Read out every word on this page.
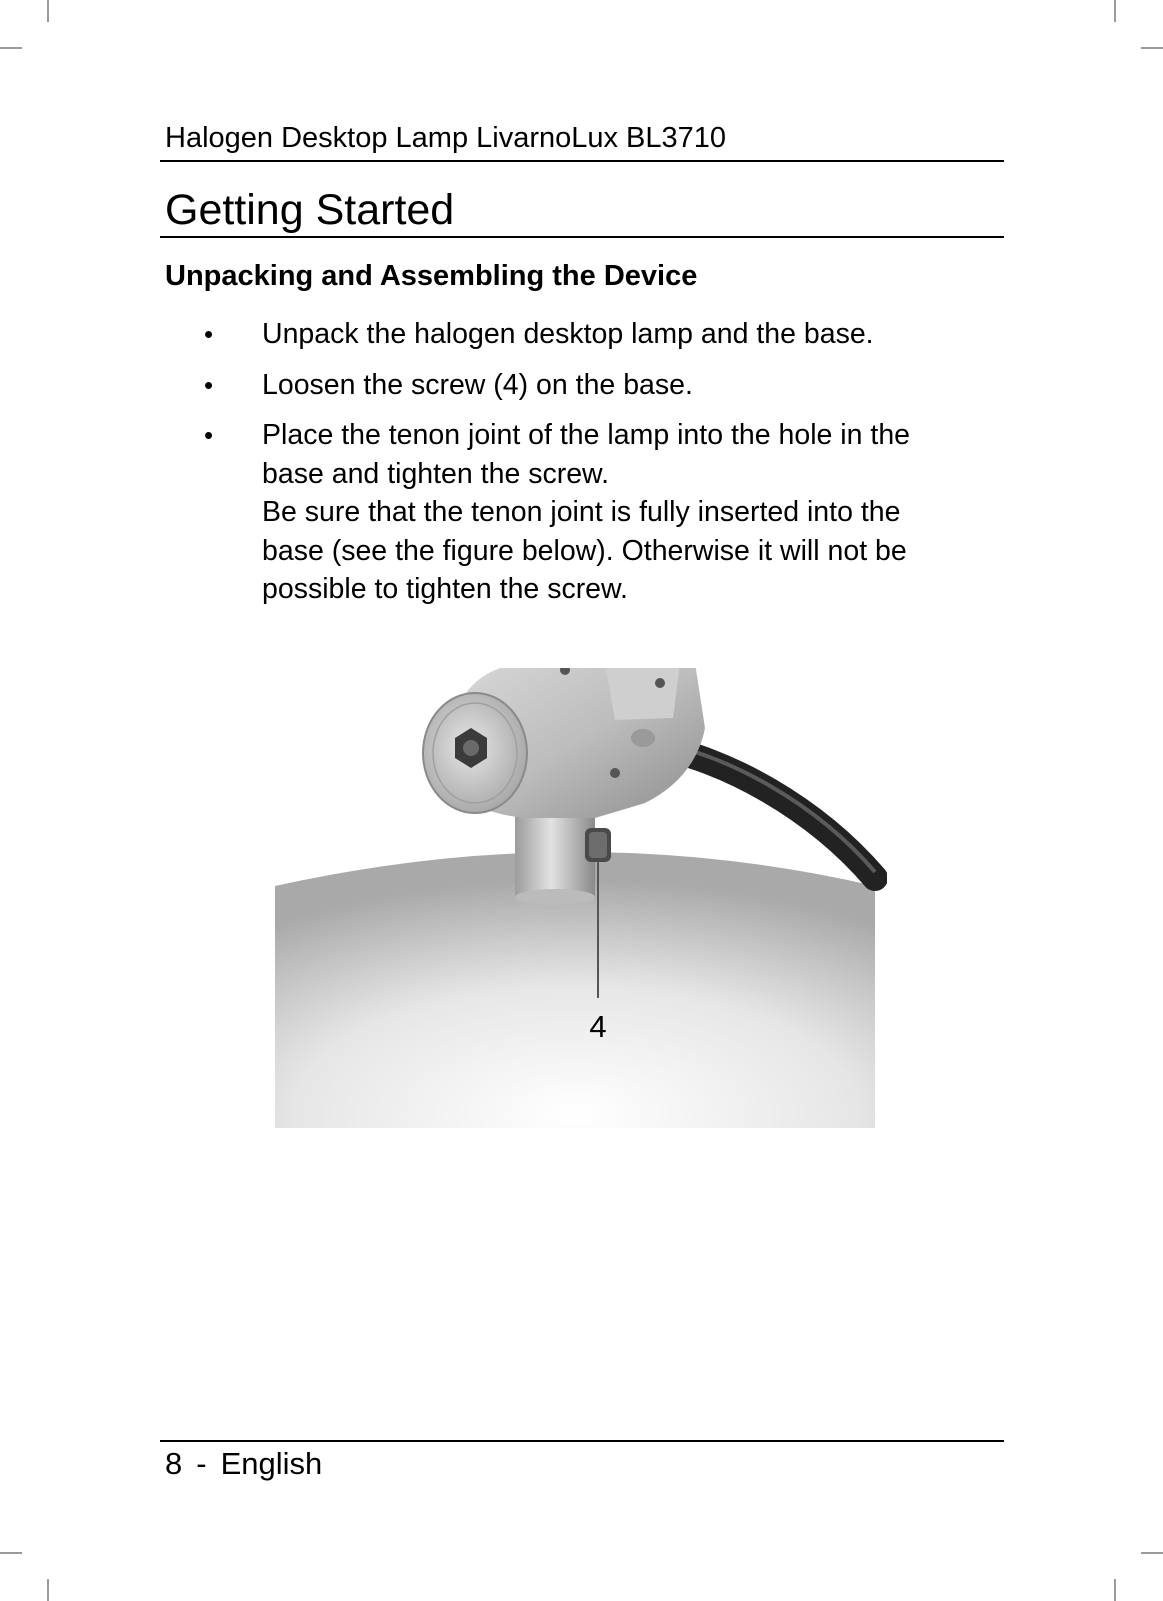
Halogen Desktop Lamp LivarnoLux BL3710
Getting Started
Unpacking and Assembling the Device
• Unpack the halogen desktop lamp and the base.
• Loosen the screw (4) on the base.
• Place the tenon joint of the lamp into the hole in the
base and tighten the screw.
Be sure that the tenon joint is fully inserted into the
base (see the figure below). Otherwise it will not be
possible to tighten the screw.
4
8 - English
